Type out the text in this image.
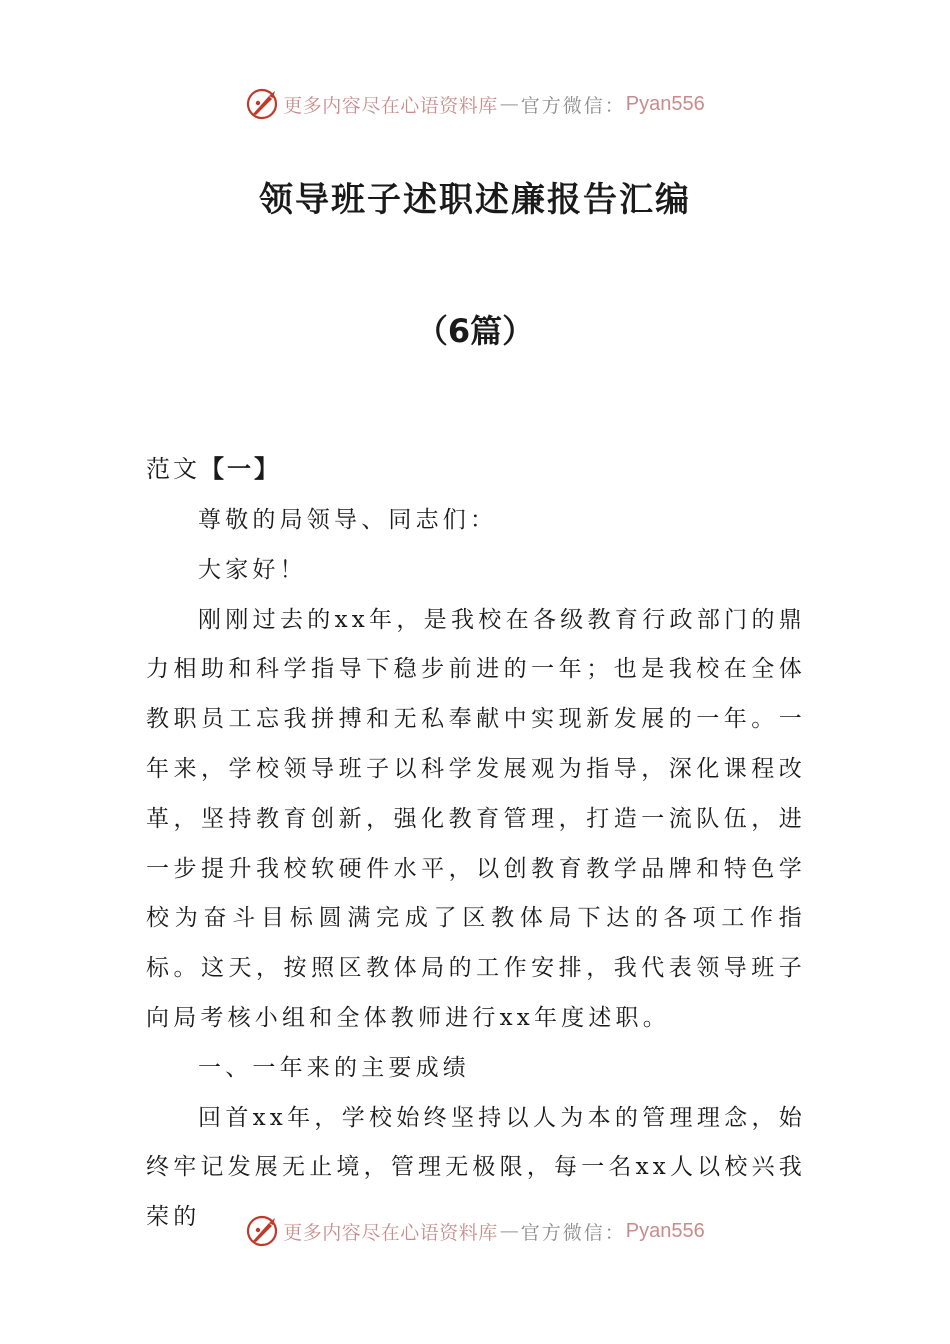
更多内容尽在心语资料库 — 官方微信： Pyan556
领导班子述职述廉报告汇编
（6篇）
范文【一】

尊敬的局领导、同志们：

大家好！

刚刚过去的xx年，是我校在各级教育行政部门的鼎力相助和科学指导下稳步前进的一年；也是我校在全体教职员工忘我拼搏和无私奉献中实现新发展的一年。一年来，学校领导班子以科学发展观为指导，深化课程改革，坚持教育创新，强化教育管理，打造一流队伍，进一步提升我校软硬件水平，以创教育教学品牌和特色学校为奋斗目标圆满完成了区教体局下达的各项工作指标。这天，按照区教体局的工作安排，我代表领导班子向局考核小组和全体教师进行xx年度述职。

一、一年来的主要成绩

回首xx年，学校始终坚持以人为本的管理理念，始终牢记发展无止境，管理无极限，每一名xx人以校兴我荣的

更多内容尽在心语资料库 — 官方微信： Pyan556
